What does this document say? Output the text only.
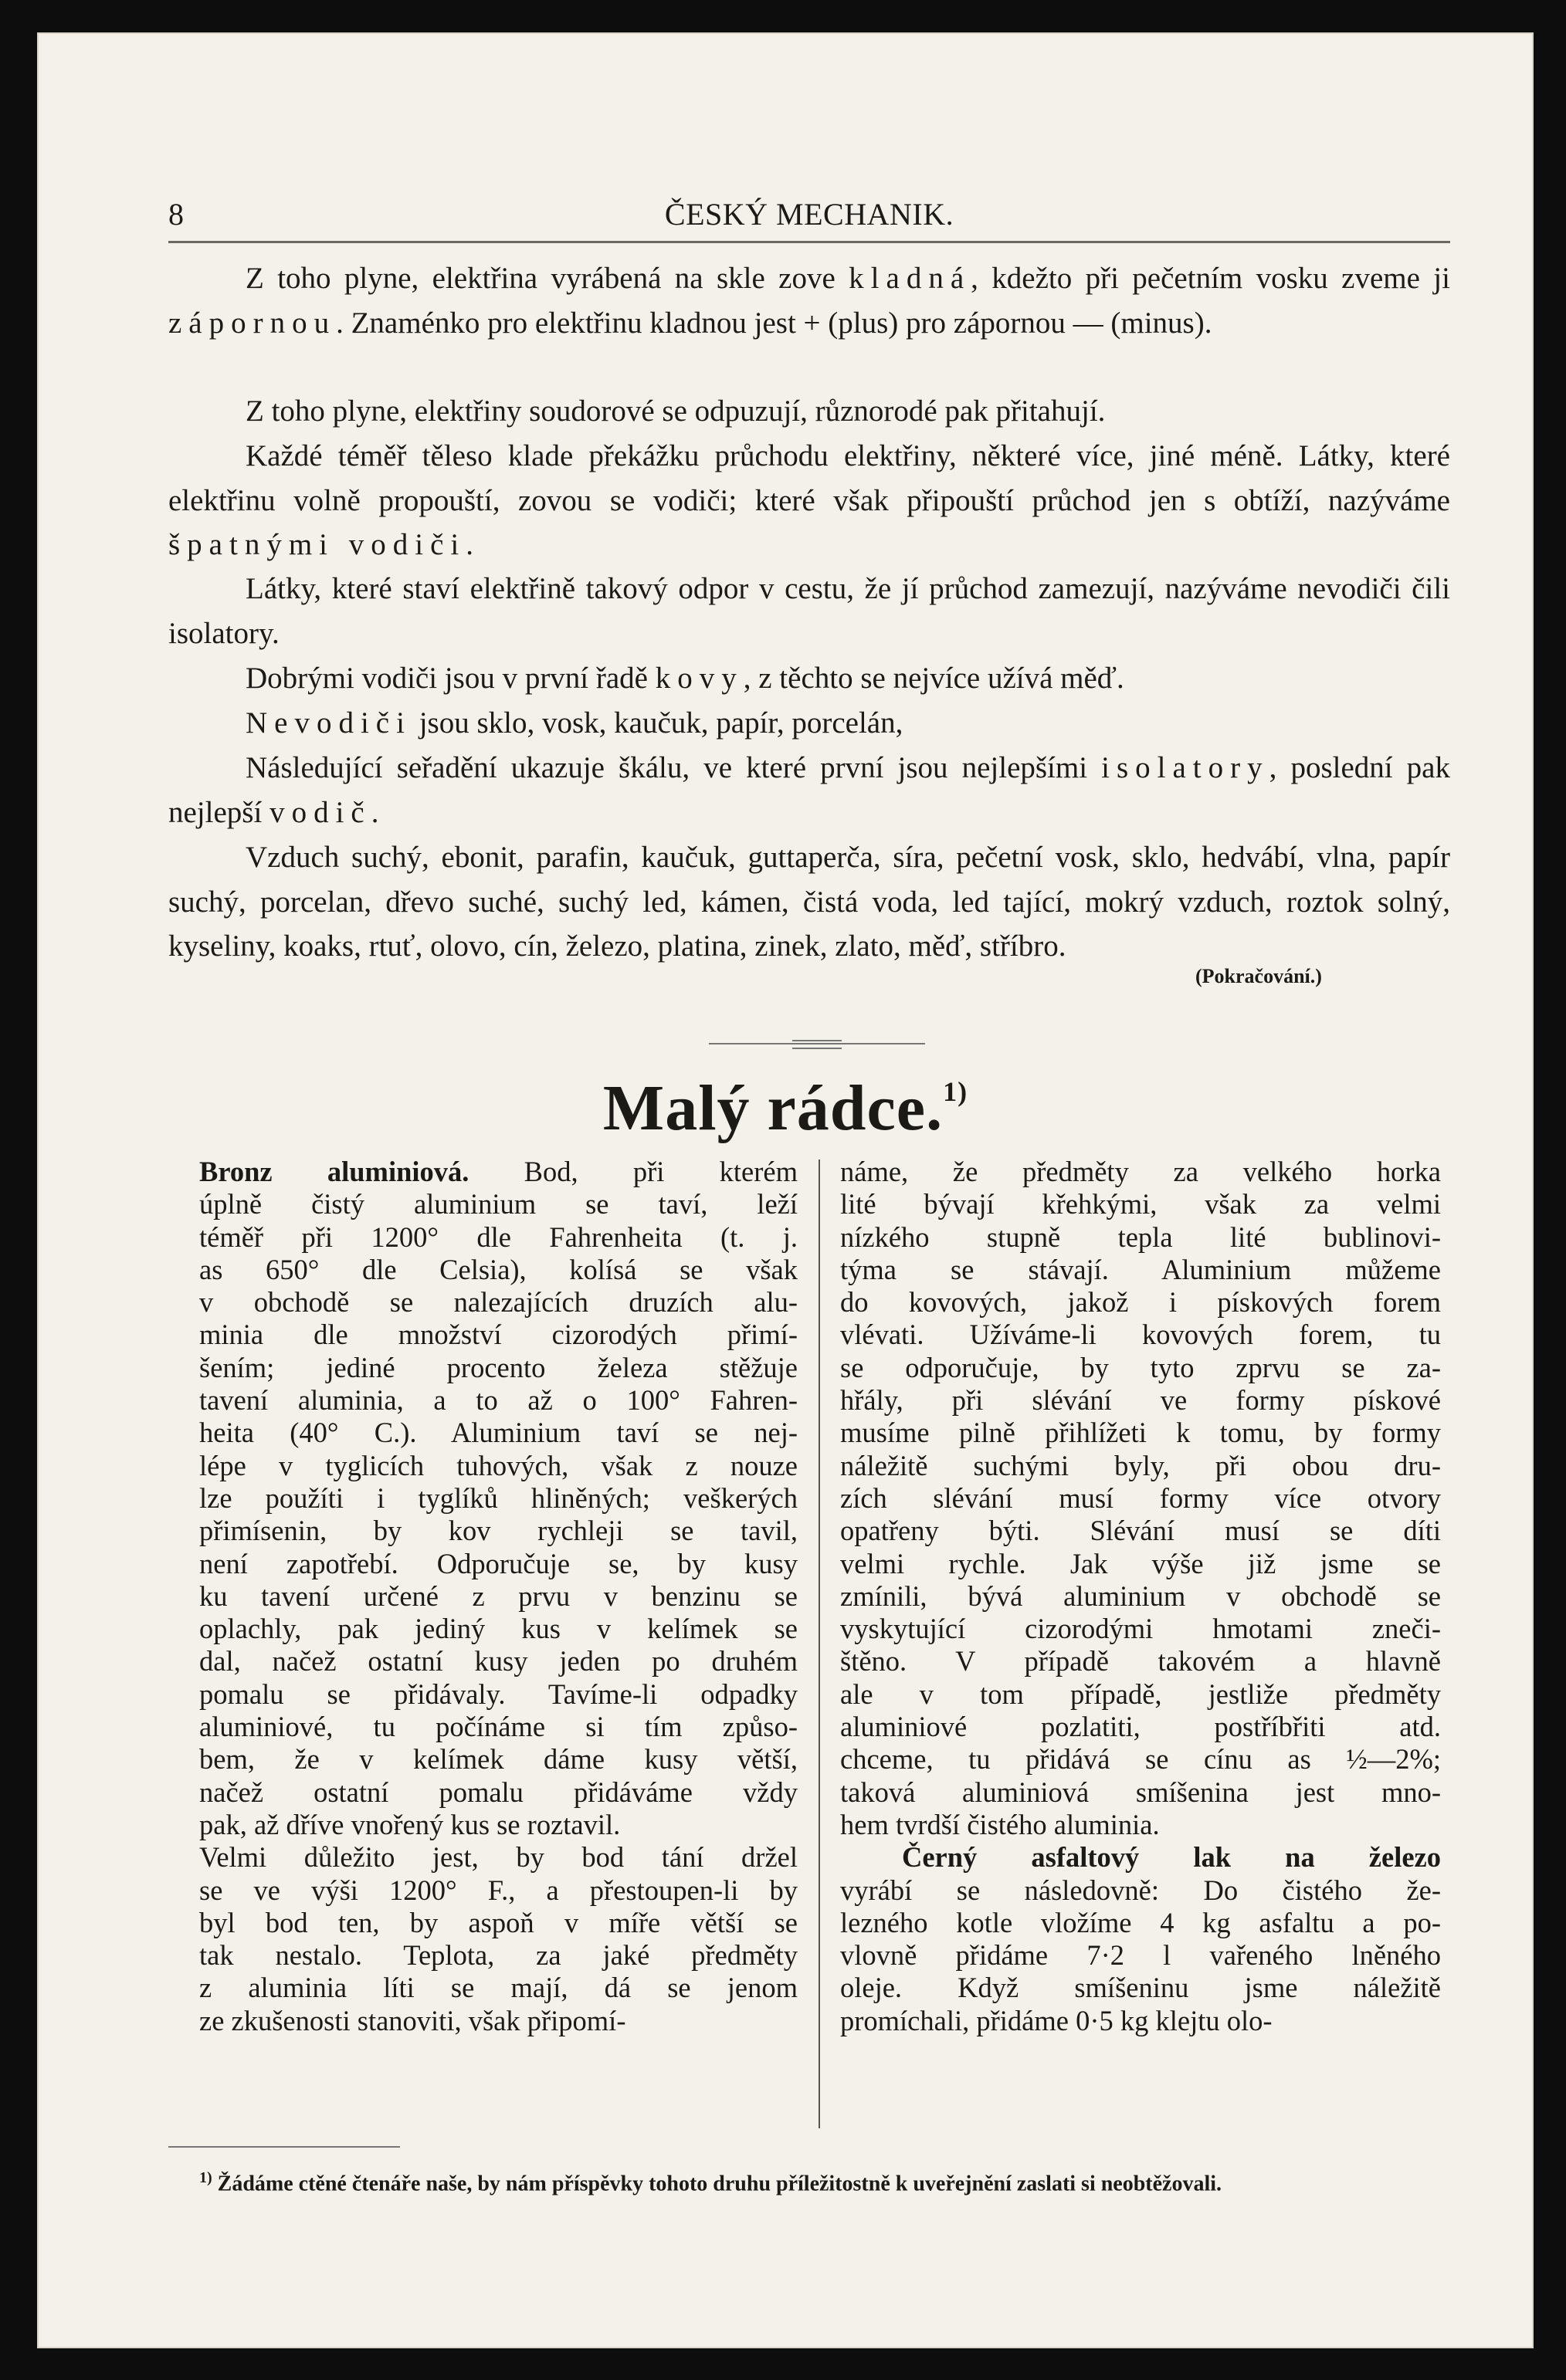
8	ČESKÝ MECHANIK.

Z toho plyne, elektřina vyrábená na skle zove kladná, kdežto při pečetním vosku zveme ji zápornou. Znaménko pro elektřinu kladnou jest + (plus) pro zápornou — (minus).

Z toho plyne, elektřiny soudorové se odpuzují, různorodé pak přitahují.

Každé téměř těleso klade překážku průchodu elektřiny, některé více, jiné méně. Látky, které elektřinu volně propouští, zovou se vodiči; které však připouští průchod jen s obtíží, nazýváme špatnými vodiči.

Látky, které staví elektřině takový odpor v cestu, že jí průchod zamezují, nazýváme nevodiči čili isolatory.

Dobrými vodiči jsou v první řadě kovy, z těchto se nejvíce užívá měď.

Nevodiči jsou sklo, vosk, kaučuk, papír, porcelán,

Následující seřadění ukazuje škálu, ve které první jsou nejlepšími isolatory, poslední pak nejlepší vodič.

Vzduch suchý, ebonit, parafin, kaučuk, guttaperča, síra, pečetní vosk, sklo, hedvábí, vlna, papír suchý, porcelan, dřevo suché, suchý led, kámen, čistá voda, led tající, mokrý vzduch, roztok solný, kyseliny, koaks, rtuť, olovo, cín, železo, platina, zinek, zlato, měď, stříbro.

(Pokračování.)
Malý rádce.$^{1)}$
Bronz aluminiová. Bod, při kterém
úplně čistý aluminium se taví, leží
téměř při 1200° dle Fahrenheita (t. j.
as 650° dle Celsia), kolísá se však
v obchodě se nalezajících druzích alu-
minia dle množství cizorodých přimí-
šením; jediné procento železa stěžuje
tavení aluminia, a to až o 100° Fahren-
heita (40° C.). Aluminium taví se nej-
lépe v tyglicích tuhových, však z nouze
lze použíti i tyglíků hliněných; veškerých
přimísenin, by kov rychleji se tavil,
není zapotřebí. Odporučuje se, by kusy
ku tavení určené z prvu v benzinu se
oplachly, pak jediný kus v kelímek se
dal, načež ostatní kusy jeden po druhém
pomalu se přidávaly. Tavíme-li odpadky
aluminiové, tu počínáme si tím způso-
bem, že v kelímek dáme kusy větší,
načež ostatní pomalu přidáváme vždy
pak, až dříve vnořený kus se roztavil.
Velmi důležito jest, by bod tání držel
se ve výši 1200° F., a přestoupen-li by
byl bod ten, by aspoň v míře větší se
tak nestalo. Teplota, za jaké předměty
z aluminia líti se mají, dá se jenom
ze zkušenosti stanoviti, však připomí-
náme, že předměty za velkého horka
lité bývají křehkými, však za velmi
nízkého stupně tepla lité bublinovi-
týma se stávají. Aluminium můžeme
do kovových, jakož i pískových forem
vlévati. Užíváme-li kovových forem, tu
se odporučuje, by tyto zprvu se za-
hřály, při slévání ve formy pískové
musíme pilně přihlížeti k tomu, by formy
náležitě suchými byly, při obou dru-
zích slévání musí formy více otvory
opatřeny býti. Slévání musí se díti
velmi rychle. Jak výše již jsme se
zmínili, bývá aluminium v obchodě se
vyskytující cizorodými hmotami zneči-
štěno. V případě takovém a hlavně
ale v tom případě, jestliže předměty
aluminiové pozlatiti, postříbřiti atd.
chceme, tu přidává se cínu as ½—2%;
taková aluminiová smíšenina jest mno-
hem tvrdší čistého aluminia.
Černý asfaltový lak na železo
vyrábí se následovně: Do čistého že-
lezného kotle vložíme 4 kg asfaltu a po-
vlovně přidáme 7·2 l vařeného lněného
oleje. Když smíšeninu jsme náležitě
promíchali, přidáme 0·5 kg klejtu olo-
$^{1)}$ Žádáme ctěné čtenáře naše, by nám příspěvky tohoto druhu příležitostně k uveřejnění zaslati si neobtěžovali.
